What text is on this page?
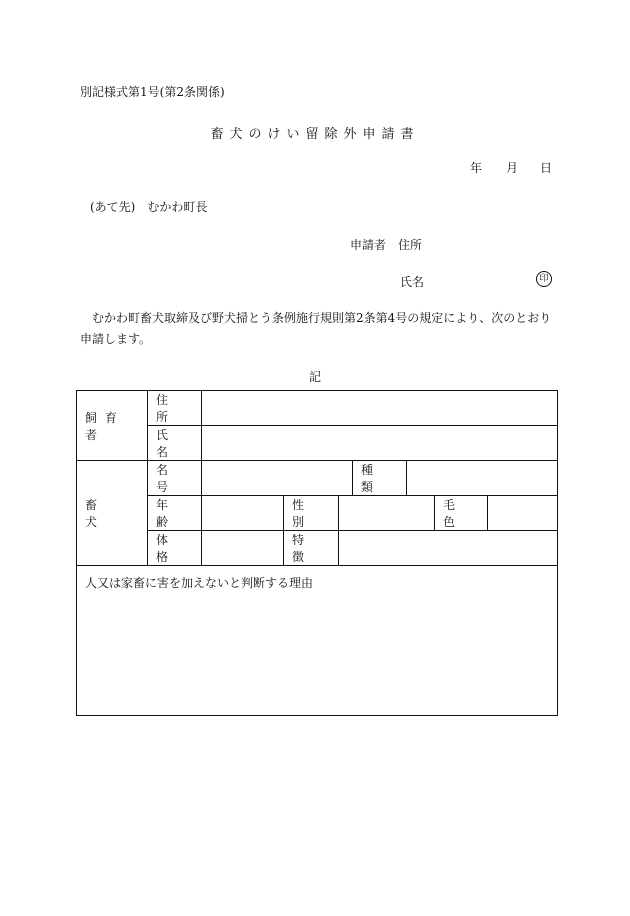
別記様式第1号(第2条関係)
畜犬のけい留除外申請書
年 月 日
(あて先)　むかわ町長
申請者　住所
氏名	印
むかわ町畜犬取締及び野犬掃とう条例施行規則第2条第4号の規定により、次のとおり申請します。
記
飼育者	住所							
	氏名							
畜犬	名号				種類			
	年齢		性別				毛色	
	体格		特徴					
人又は家畜に害を加えないと判断する理由								
